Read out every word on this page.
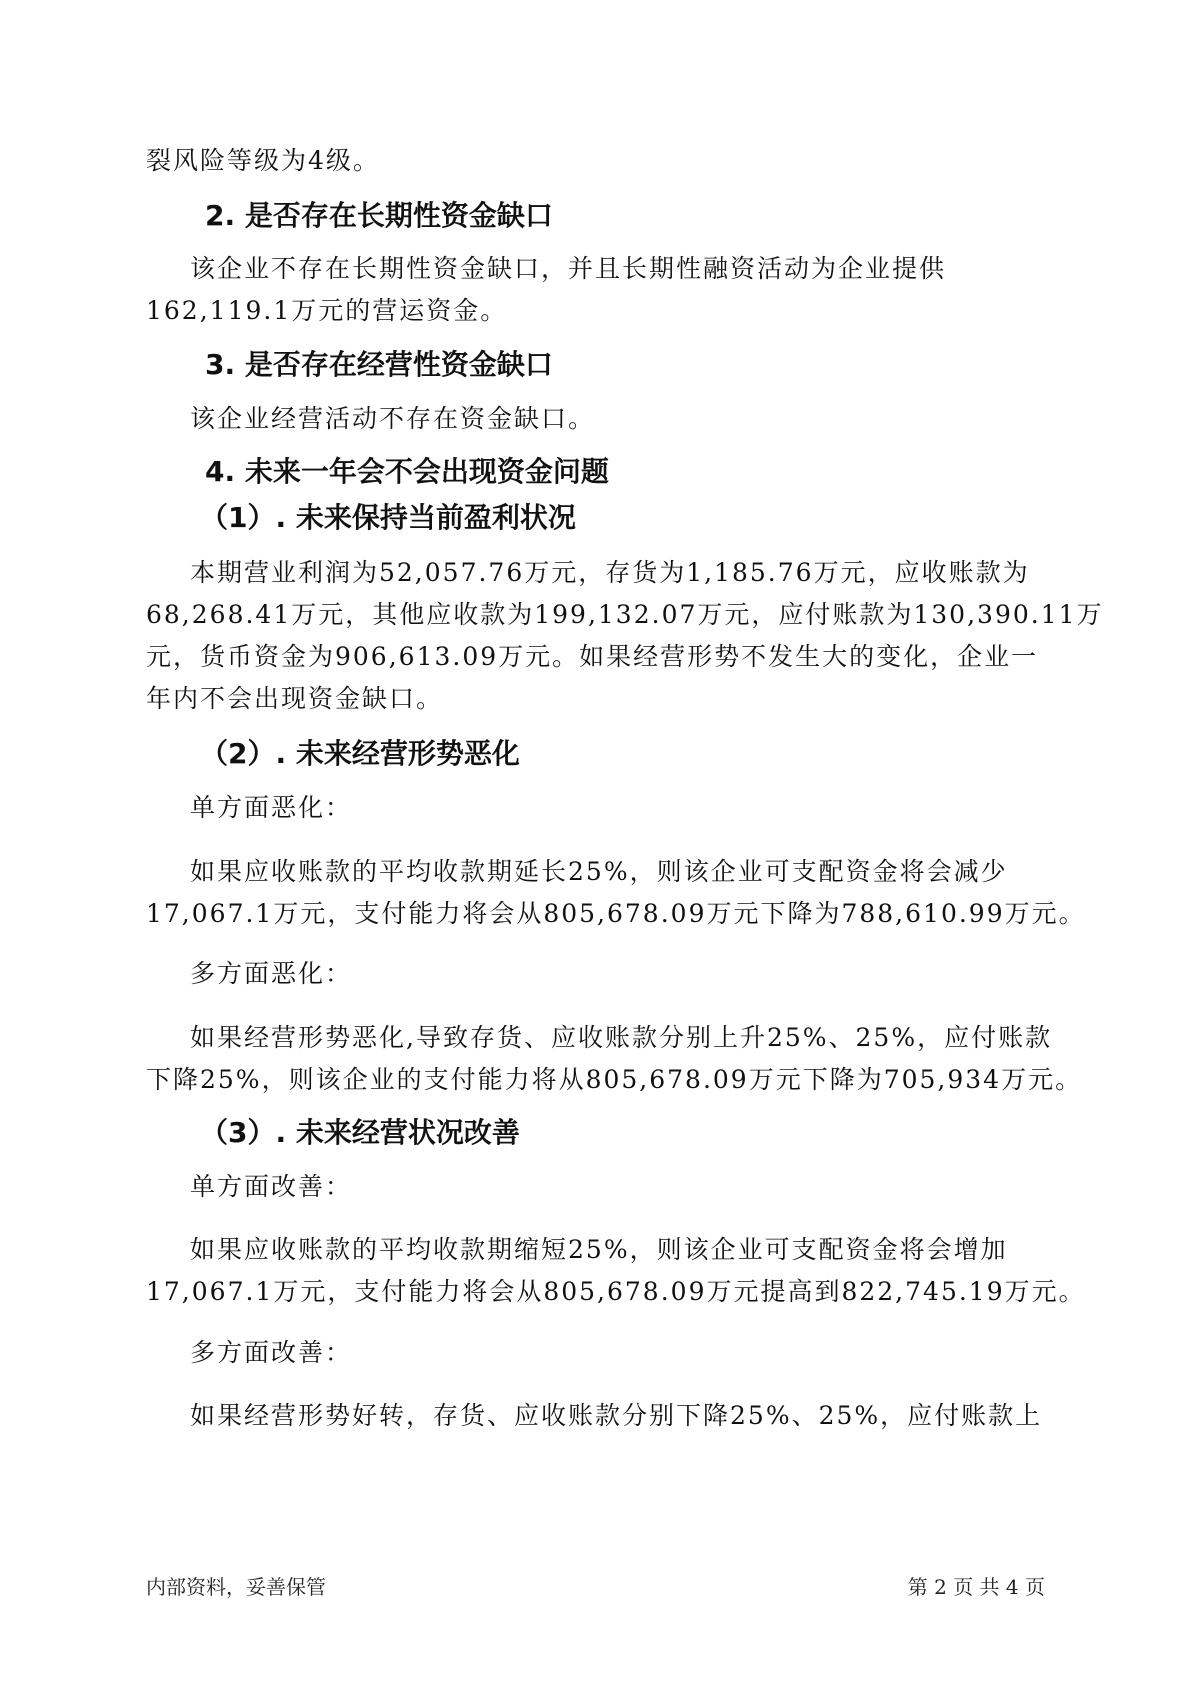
裂风险等级为4级。

2. 是否存在长期性资金缺口

该企业不存在长期性资金缺口，并且长期性融资活动为企业提供

162,119.1万元的营运资金。

3. 是否存在经营性资金缺口

该企业经营活动不存在资金缺口。

4. 未来一年会不会出现资金问题
（1）. 未来保持当前盈利状况

本期营业利润为52,057.76万元，存货为1,185.76万元，应收账款为

68,268.41万元，其他应收款为199,132.07万元，应付账款为130,390.11万

元，货币资金为906,613.09万元。如果经营形势不发生大的变化，企业一

年内不会出现资金缺口。

（2）. 未来经营形势恶化

单方面恶化：

如果应收账款的平均收款期延长25%，则该企业可支配资金将会减少

17,067.1万元，支付能力将会从805,678.09万元下降为788,610.99万元。

多方面恶化：

如果经营形势恶化,导致存货、应收账款分别上升25%、25%，应付账款

下降25%，则该企业的支付能力将从805,678.09万元下降为705,934万元。

（3）. 未来经营状况改善

单方面改善：

如果应收账款的平均收款期缩短25%，则该企业可支配资金将会增加

17,067.1万元，支付能力将会从805,678.09万元提高到822,745.19万元。

多方面改善：

如果经营形势好转，存货、应收账款分别下降25%、25%，应付账款上

内部资料，妥善保管	第 2 页 共 4 页
